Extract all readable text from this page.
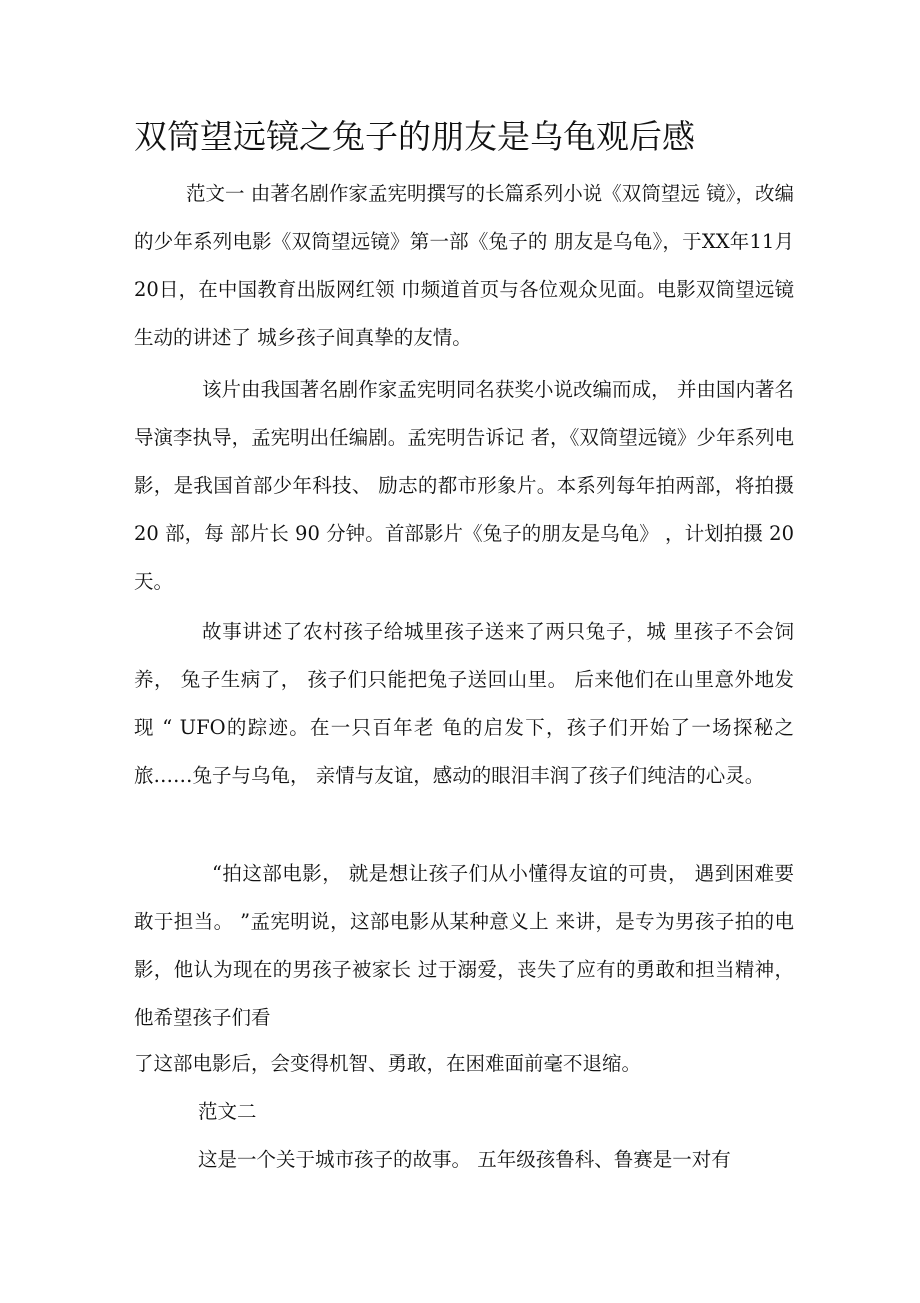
双筒望远镜之兔子的朋友是乌龟观后感

范文一 由著名剧作家孟宪明撰写的长篇系列小说《双筒望远 镜》，改编的少年系列电影《双筒望远镜》第一部《兔子的 朋友是乌龟》，于XX年11月20日，在中国教育出版网红领 巾频道首页与各位观众见面。电影双筒望远镜生动的讲述了 城乡孩子间真挚的友情。

该片由我国著名剧作家孟宪明同名获奖小说改编而成， 并由国内著名导演李执导，孟宪明出任编剧。孟宪明告诉记 者，《双筒望远镜》少年系列电影，是我国首部少年科技、 励志的都市形象片。本系列每年拍两部，将拍摄 20 部，每 部片长 90 分钟。首部影片《兔子的朋友是乌龟》 ，计划拍摄 20 天。

故事讲述了农村孩子给城里孩子送来了两只兔子，城 里孩子不会饲养， 兔子生病了， 孩子们只能把兔子送回山里。 后来他们在山里意外地发现 “ UFO的踪迹。在一只百年老 龟的启发下，孩子们开始了一场探秘之旅……兔子与乌龟， 亲情与友谊，感动的眼泪丰润了孩子们纯洁的心灵。

“拍这部电影， 就是想让孩子们从小懂得友谊的可贵， 遇到困难要敢于担当。 ”孟宪明说，这部电影从某种意义上 来讲，是专为男孩子拍的电影，他认为现在的男孩子被家长 过于溺爱，丧失了应有的勇敢和担当精神，他希望孩子们看

了这部电影后，会变得机智、勇敢，在困难面前毫不退缩。

范文二

这是一个关于城市孩子的故事。 五年级孩鲁科、鲁赛是一对有
